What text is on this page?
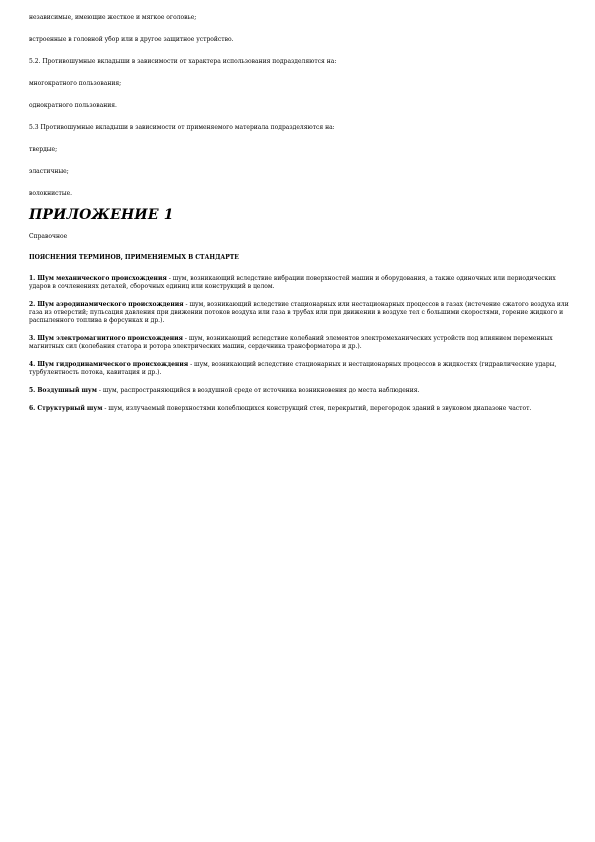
независимые, имеющие жесткое и мягкое оголовье;

встроенные в головной убор или в другое защитное устройство.

5.2. Противошумные вкладыши в зависимости от характера использования подразделяются на:

многократного пользования;

однократного пользования.

5.3 Противошумные вкладыши в зависимости от применяемого материала подразделяются на:

твердые;

эластичные;

волокнистые.

ПРИЛОЖЕНИЕ 1

Справочное

ПОЯСНЕНИЯ ТЕРМИНОВ, ПРИМЕНЯЕМЫХ В СТАНДАРТЕ

1. Шум механического происхождения - шум, возникающий вследствие вибрации поверхностей машин и оборудования, а также одиночных или периодических ударов в сочленениях деталей, сборочных единиц или конструкций в целом.

2. Шум аэродинамического происхождения - шум, возникающий вследствие стационарных или нестационарных процессов в газах (истечение сжатого воздуха или газа из отверстий; пульсация давления при движении потоков воздуха или газа в трубах или при движении в воздухе тел с большими скоростями, горение жидкого и распыленного топлива в форсунках и др.).

3. Шум электромагнитного происхождения - шум, возникающий вследствие колебаний элементов электромеханических устройств под влиянием переменных магнитных сил (колебания статора и ротора электрических машин, сердечника трансформатора и др.).

4. Шум гидродинамического происхождения - шум, возникающий вследствие стационарных и нестационарных процессов в жидкостях (гидравлические удары, турбулентность потока, кавитация и др.).

5. Воздушный шум - шум, распространяющийся в воздушной среде от источника возникновения до места наблюдения.

6. Структурный шум - шум, излучаемый поверхностями колеблющихся конструкций стен, перекрытий, перегородок зданий в звуковом диапазоне частот.
